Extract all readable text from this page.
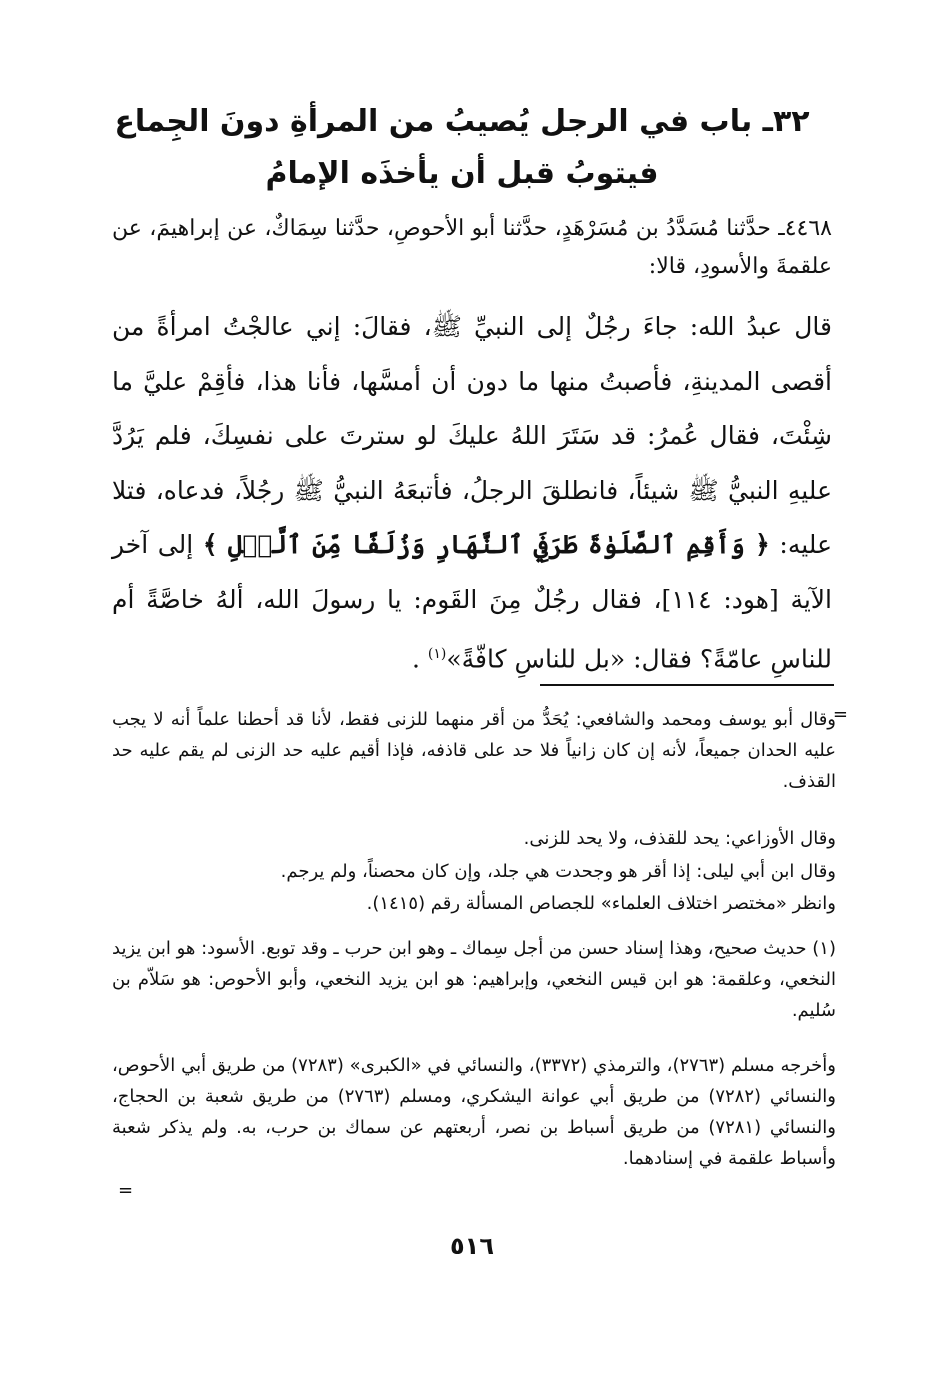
٣٢ـ باب في الرجل يُصيبُ من المرأةِ دونَ الجِماع
فيتوبُ قبل أن يأخذَه الإمامُ
٤٤٦٨ـ حدَّثنا مُسَدَّدُ بن مُسَرْهَدٍ، حدَّثنا أبو الأحوصِ، حدَّثنا سِمَاكٌ، عن إبراهيمَ، عن علقمةَ والأسودِ، قالا:
قال عبدُ الله: جاءَ رجُلٌ إلى النبيِّ ﷺ، فقالَ: إني عالجْتُ امرأةً من أقصى المدينةِ، فأصبتُ منها ما دون أن أمسَّها، فأنا هذا، فأقِمْ عليَّ ما شِئْتَ، فقال عُمرُ: قد سَتَرَ اللهُ عليكَ لو سترتَ على نفسِكَ، فلم يَرُدَّ عليهِ النبيُّ ﷺ شيئاً، فانطلقَ الرجلُ، فأتبعَهُ النبيُّ ﷺ رجُلاً، فدعاه، فتلا عليه: ﴿ وَأَقِمِ ٱلصَّلَوٰةَ طَرَفَيِ ٱلنَّهَارِ وَزُلَفًا مِّنَ ٱلَّيۡلِ ﴾ إلى آخر الآية [هود: ١١٤]، فقال رجُلٌ مِنَ القَوم: يا رسولَ الله، ألهُ خاصَّةً أم للناسِ عامّةً؟ فقال: «بل للناسِ كافّةً»$^{(١)}$ .
=
وقال أبو يوسف ومحمد والشافعي: يُحَدُّ من أقر منهما للزنى فقط، لأنا قد أحطنا علماً أنه لا يجب عليه الحدان جميعاً، لأنه إن كان زانياً فلا حد على قاذفه، فإذا أقيم عليه حد الزنى لم يقم عليه حد القذف.
وقال الأوزاعي: يحد للقذف، ولا يحد للزنى.
وقال ابن أبي ليلى: إذا أقر هو وجحدت هي جلد، وإن كان محصناً، ولم يرجم.
وانظر «مختصر اختلاف العلماء» للجصاص المسألة رقم (١٤١٥).
(١) حديث صحيح، وهذا إسناد حسن من أجل سِماك ـ وهو ابن حرب ـ وقد توبع. الأسود: هو ابن يزيد النخعي، وعلقمة: هو ابن قيس النخعي، وإبراهيم: هو ابن يزيد النخعي، وأبو الأحوص: هو سَلاّم بن سُليم.
وأخرجه مسلم (٢٧٦٣)، والترمذي (٣٣٧٢)، والنسائي في «الكبرى» (٧٢٨٣) من طريق أبي الأحوص، والنسائي (٧٢٨٢) من طريق أبي عوانة اليشكري، ومسلم (٢٧٦٣) من طريق شعبة بن الحجاج، والنسائي (٧٢٨١) من طريق أسباط بن نصر، أربعتهم عن سماك بن حرب، به. ولم يذكر شعبة وأسباط علقمة في إسنادهما.
=
٥١٦
